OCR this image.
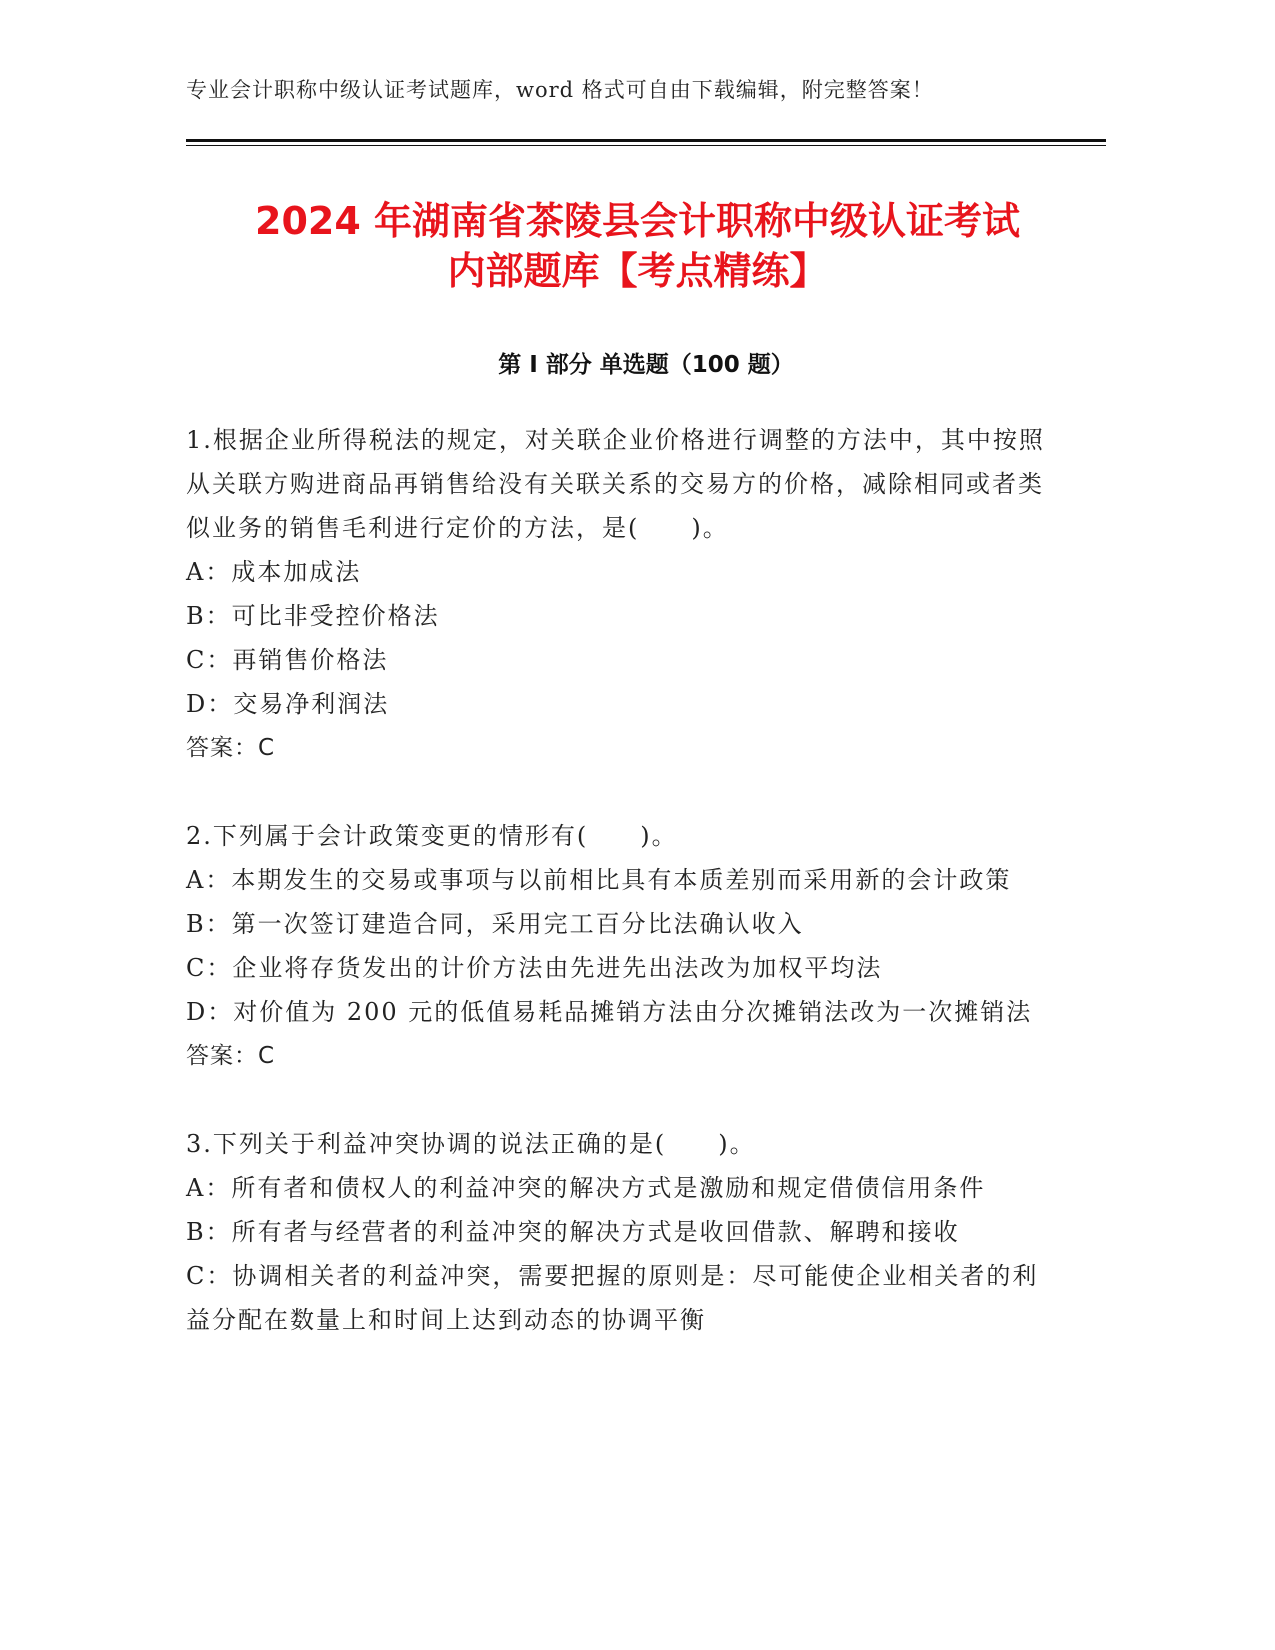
专业会计职称中级认证考试题库，word 格式可自由下载编辑，附完整答案！
2024 年湖南省茶陵县会计职称中级认证考试
内部题库【考点精练】
第 I 部分 单选题（100 题）

1.根据企业所得税法的规定，对关联企业价格进行调整的方法中，其中按照从关联方购进商品再销售给没有关联关系的交易方的价格，减除相同或者类似业务的销售毛利进行定价的方法，是(　　)。

A：成本加成法

B：可比非受控价格法

C：再销售价格法

D：交易净利润法

答案：C

2.下列属于会计政策变更的情形有(　　)。

A：本期发生的交易或事项与以前相比具有本质差别而采用新的会计政策

B：第一次签订建造合同，采用完工百分比法确认收入

C：企业将存货发出的计价方法由先进先出法改为加权平均法

D：对价值为 200 元的低值易耗品摊销方法由分次摊销法改为一次摊销法

答案：C

3.下列关于利益冲突协调的说法正确的是(　　)。

A：所有者和债权人的利益冲突的解决方式是激励和规定借债信用条件

B：所有者与经营者的利益冲突的解决方式是收回借款、解聘和接收

C：协调相关者的利益冲突，需要把握的原则是：尽可能使企业相关者的利益分配在数量上和时间上达到动态的协调平衡
